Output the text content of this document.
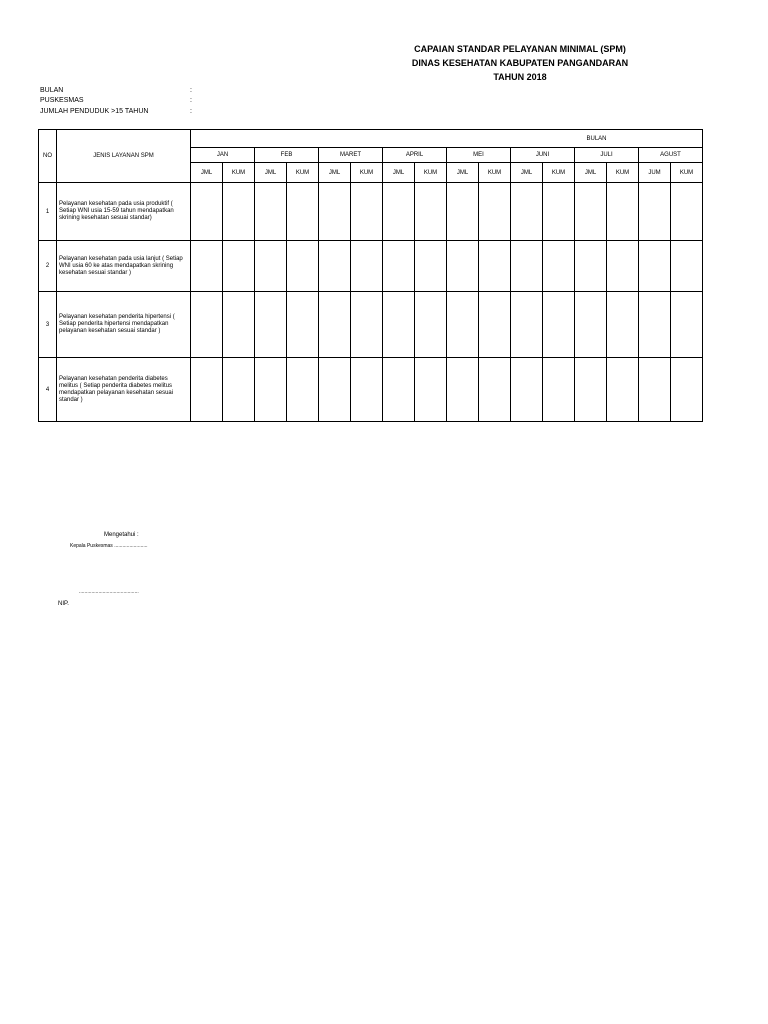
CAPAIAN STANDAR PELAYANAN MINIMAL (SPM)
DINAS KESEHATAN KABUPATEN PANGANDARAN
TAHUN 2018
BULAN	:
PUSKESMAS	:
JUMLAH PENDUDUK >15 TAHUN	:
NO	JENIS LAYANAN SPM	BULAN															
		JAN		FEB		MARET		APRIL		MEI		JUNI		JULI		AGUST	
		JML	KUM	JML	KUM	JML	KUM	JML	KUM	JML	KUM	JML	KUM	JML	KUM	JUM	KUM
1	Pelayanan kesehatan pada usia produktif ( Setiap WNI usia 15-59 tahun mendapatkan skrining kesehatan sesuai standar)																
2	Pelayanan kesehatan pada usia lanjut ( Setiap WNI usia 60 ke atas mendapatkan skrining kesehatan sesuai standar )																
3	Pelayanan kesehatan penderita hipertensi ( Setiap penderita hipertensi mendapatkan pelayanan kesehatan sesuai standar )																
4	Pelayanan kesehatan penderita diabetes melitus ( Setiap penderita diabetes melitus mendapatkan pelayanan kesehatan sesuai standar )																
Mengetahui :
Kepala Puskesmas ........................
...........................................
NIP.
